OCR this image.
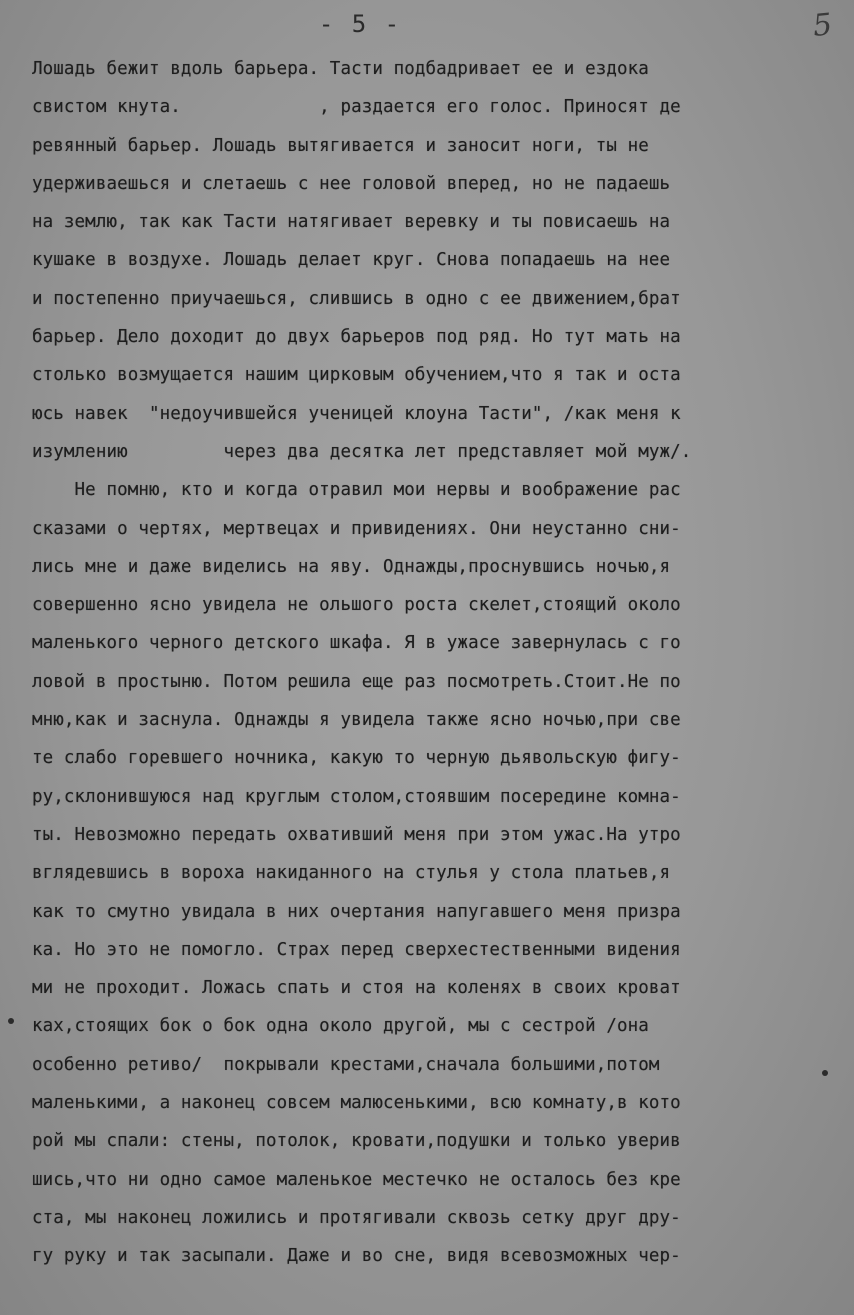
- 5 -	5
Лошадь бежит вдоль барьера. Тасти подбадривает ее и ездока
свистом кнута.             , раздается его голос. Приносят де
ревянный барьер. Лошадь вытягивается и заносит ноги, ты не
удерживаешься и слетаешь с нее головой вперед, но не падаешь
на землю, так как Тасти натягивает веревку и ты повисаешь на
кушаке в воздухе. Лошадь делает круг. Снова попадаешь на нее
и постепенно приучаешься, слившись в одно с ее движением,брат
барьер. Дело доходит до двух барьеров под ряд. Но тут мать на
столько возмущается нашим цирковым обучением,что я так и оста
юсь навек  "недоучившейся ученицей клоуна Тасти", /как меня к
изумлению         через два десятка лет представляет мой муж/.
Не помню, кто и когда отравил мои нервы и воображение рас
сказами о чертях, мертвецах и привидениях. Они неустанно сни-
лись мне и даже виделись на яву. Однажды,проснувшись ночью,я
совершенно ясно увидела не ольшого роста скелет,стоящий около
маленького черного детского шкафа. Я в ужасе завернулась с го
ловой в простыню. Потом решила еще раз посмотреть.Стоит.Не по
мню,как и заснула. Однажды я увидела также ясно ночью,при све
те слабо горевшего ночника, какую то черную дьявольскую фигу-
ру,склонившуюся над круглым столом,стоявшим посередине комна-
ты. Невозможно передать охвативший меня при этом ужас.На утро
вглядевшись в вороха накиданного на стулья у стола платьев,я
как то смутно увидала в них очертания напугавшего меня призра
ка. Но это не помогло. Страх перед сверхестественными видения
ми не проходит. Ложась спать и стоя на коленях в своих кроват
ках,стоящих бок о бок одна около другой, мы с сестрой /она
особенно ретиво/  покрывали крестами,сначала большими,потом
маленькими, а наконец совсем малюсенькими, всю комнату,в кото
рой мы спали: стены, потолок, кровати,подушки и только уверив
шись,что ни одно самое маленькое местечко не осталось без кре
ста, мы наконец ложились и протягивали сквозь сетку друг дру-
гу руку и так засыпали. Даже и во сне, видя всевозможных чер-
